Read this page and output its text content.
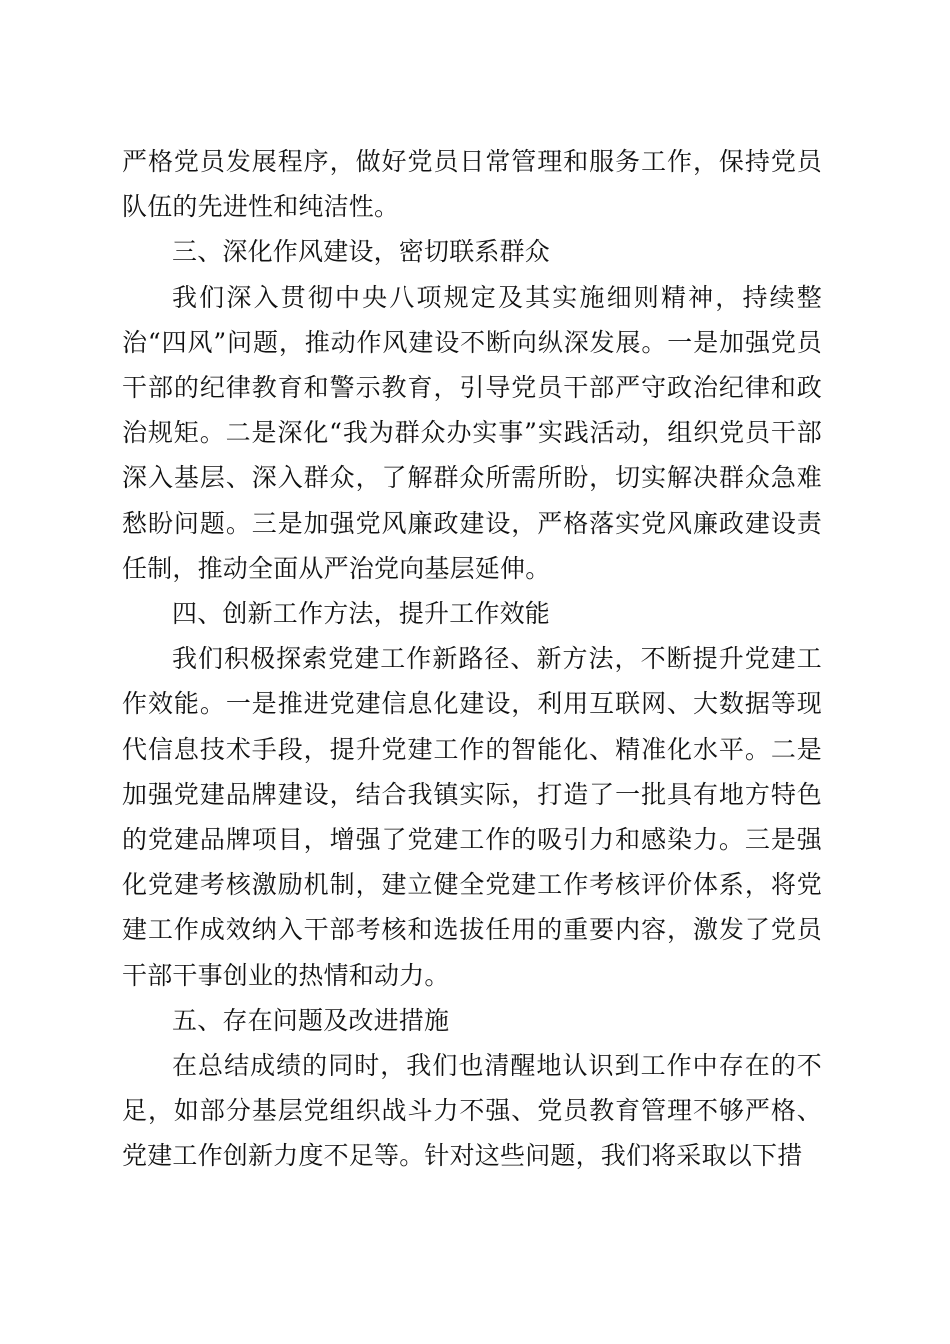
严格党员发展程序，做好党员日常管理和服务工作，保持党员队伍的先进性和纯洁性。

三、深化作风建设，密切联系群众

我们深入贯彻中央八项规定及其实施细则精神，持续整治“四风”问题，推动作风建设不断向纵深发展。一是加强党员干部的纪律教育和警示教育，引导党员干部严守政治纪律和政治规矩。二是深化“我为群众办实事”实践活动，组织党员干部深入基层、深入群众，了解群众所需所盼，切实解决群众急难愁盼问题。三是加强党风廉政建设，严格落实党风廉政建设责任制，推动全面从严治党向基层延伸。

四、创新工作方法，提升工作效能

我们积极探索党建工作新路径、新方法，不断提升党建工作效能。一是推进党建信息化建设，利用互联网、大数据等现代信息技术手段，提升党建工作的智能化、精准化水平。二是加强党建品牌建设，结合我镇实际，打造了一批具有地方特色的党建品牌项目，增强了党建工作的吸引力和感染力。三是强化党建考核激励机制，建立健全党建工作考核评价体系，将党建工作成效纳入干部考核和选拔任用的重要内容，激发了党员干部干事创业的热情和动力。

五、存在问题及改进措施

在总结成绩的同时，我们也清醒地认识到工作中存在的不足，如部分基层党组织战斗力不强、党员教育管理不够严格、党建工作创新力度不足等。针对这些问题，我们将采取以下措
